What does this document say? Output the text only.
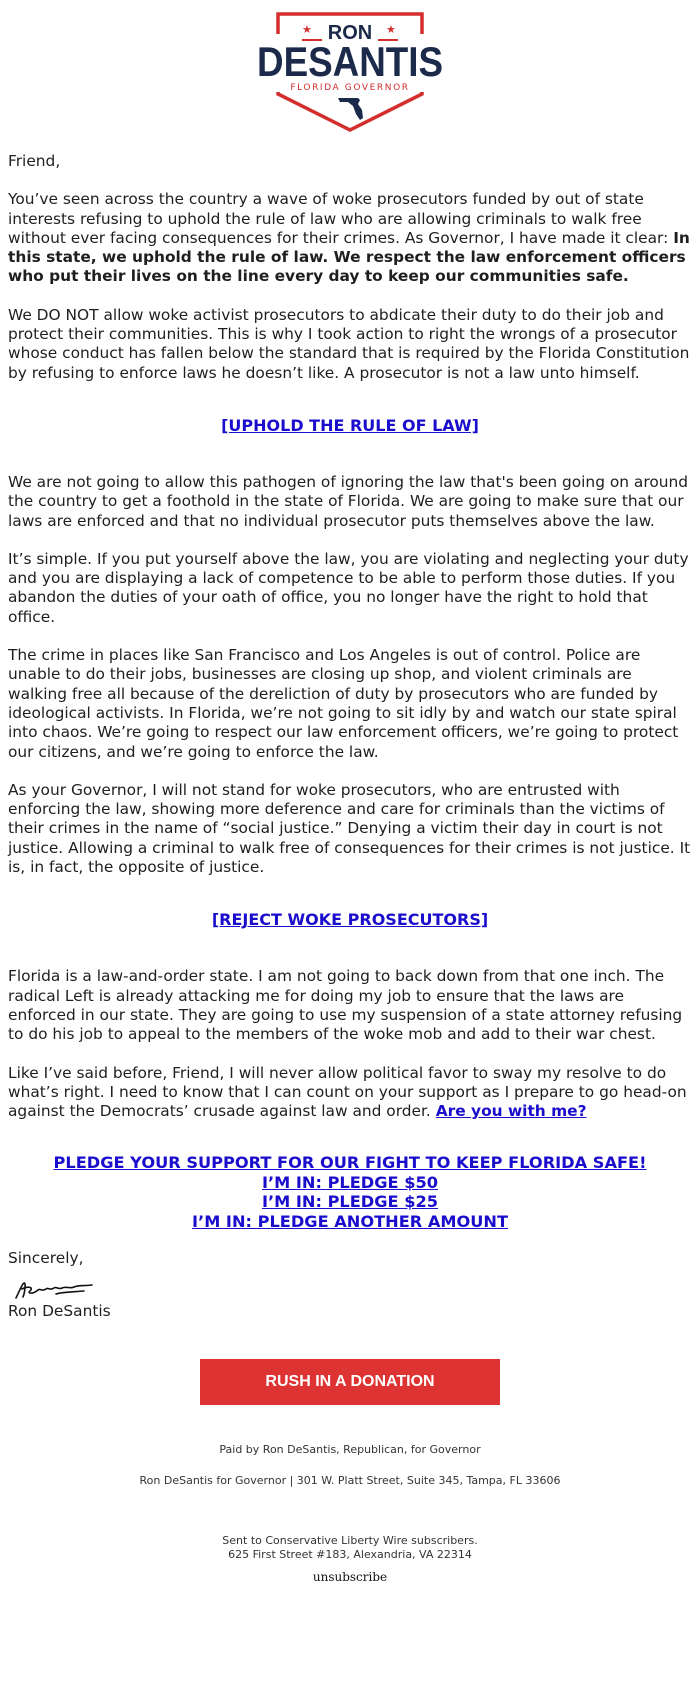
★	★
RON
DESANTIS
FLORIDA GOVERNOR

Friend,

You’ve seen across the country a wave of woke prosecutors funded by out of state interests refusing to uphold the rule of law who are allowing criminals to walk free without ever facing consequences for their crimes. As Governor, I have made it clear: In this state, we uphold the rule of law. We respect the law enforcement officers who put their lives on the line every day to keep our communities safe.

We DO NOT allow woke activist prosecutors to abdicate their duty to do their job and protect their communities. This is why I took action to right the wrongs of a prosecutor whose conduct has fallen below the standard that is required by the Florida Constitution by refusing to enforce laws he doesn’t like. A prosecutor is not a law unto himself.

[UPHOLD THE RULE OF LAW]

We are not going to allow this pathogen of ignoring the law that's been going on around the country to get a foothold in the state of Florida. We are going to make sure that our laws are enforced and that no individual prosecutor puts themselves above the law.

It’s simple. If you put yourself above the law, you are violating and neglecting your duty and you are displaying a lack of competence to be able to perform those duties. If you abandon the duties of your oath of office, you no longer have the right to hold that office.

The crime in places like San Francisco and Los Angeles is out of control. Police are unable to do their jobs, businesses are closing up shop, and violent criminals are walking free all because of the dereliction of duty by prosecutors who are funded by ideological activists. In Florida, we’re not going to sit idly by and watch our state spiral into chaos. We’re going to respect our law enforcement officers, we’re going to protect our citizens, and we’re going to enforce the law.

As your Governor, I will not stand for woke prosecutors, who are entrusted with enforcing the law, showing more deference and care for criminals than the victims of their crimes in the name of “social justice.” Denying a victim their day in court is not justice. Allowing a criminal to walk free of consequences for their crimes is not justice. It is, in fact, the opposite of justice.

[REJECT WOKE PROSECUTORS]

Florida is a law-and-order state. I am not going to back down from that one inch. The radical Left is already attacking me for doing my job to ensure that the laws are enforced in our state. They are going to use my suspension of a state attorney refusing to do his job to appeal to the members of the woke mob and add to their war chest.

Like I’ve said before, Friend, I will never allow political favor to sway my resolve to do what’s right. I need to know that I can count on your support as I prepare to go head-on against the Democrats’ crusade against law and order. Are you with me?

PLEDGE YOUR SUPPORT FOR OUR FIGHT TO KEEP FLORIDA SAFE!
I’M IN: PLEDGE $50
I’M IN: PLEDGE $25
I’M IN: PLEDGE ANOTHER AMOUNT

Sincerely,

Ron DeSantis

RUSH IN A DONATION
Paid by Ron DeSantis, Republican, for Governor
Ron DeSantis for Governor | 301 W. Platt Street, Suite 345, Tampa, FL 33606
Sent to Conservative Liberty Wire subscribers.
625 First Street #183, Alexandria, VA 22314
unsubscribe
